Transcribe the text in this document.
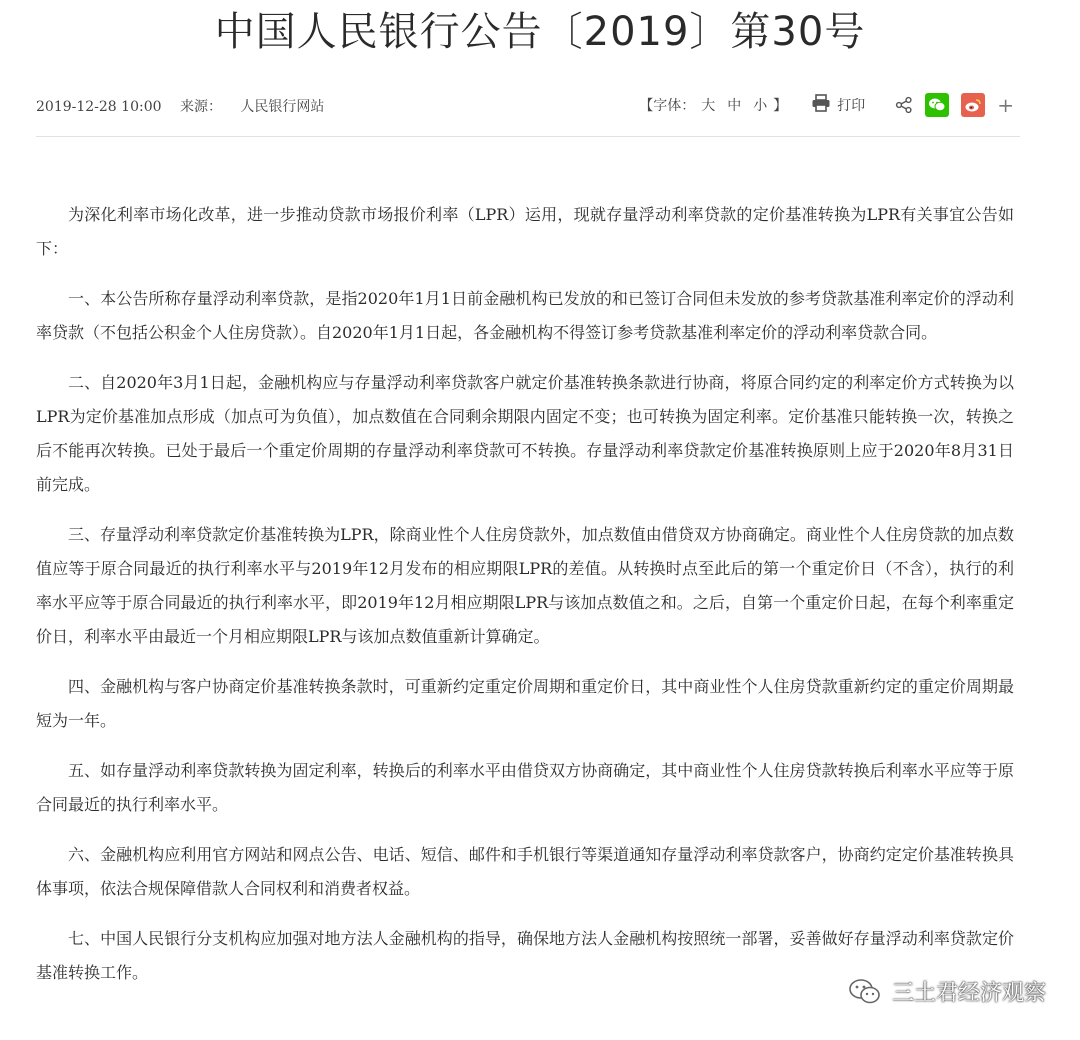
中国人民银行公告〔2019〕第30号
2019-12-28 10:00 来源： 人民银行网站	【字体： 大 中 小 】	打印	+

为深化利率市场化改革，进一步推动贷款市场报价利率（LPR）运用，现就存量浮动利率贷款的定价基准转换为LPR有关事宜公告如下：

一、本公告所称存量浮动利率贷款，是指2020年1月1日前金融机构已发放的和已签订合同但未发放的参考贷款基准利率定价的浮动利率贷款（不包括公积金个人住房贷款）。自2020年1月1日起，各金融机构不得签订参考贷款基准利率定价的浮动利率贷款合同。

二、自2020年3月1日起，金融机构应与存量浮动利率贷款客户就定价基准转换条款进行协商，将原合同约定的利率定价方式转换为以LPR为定价基准加点形成（加点可为负值），加点数值在合同剩余期限内固定不变；也可转换为固定利率。定价基准只能转换一次，转换之后不能再次转换。已处于最后一个重定价周期的存量浮动利率贷款可不转换。存量浮动利率贷款定价基准转换原则上应于2020年8月31日前完成。

三、存量浮动利率贷款定价基准转换为LPR，除商业性个人住房贷款外，加点数值由借贷双方协商确定。商业性个人住房贷款的加点数值应等于原合同最近的执行利率水平与2019年12月发布的相应期限LPR的差值。从转换时点至此后的第一个重定价日（不含），执行的利率水平应等于原合同最近的执行利率水平，即2019年12月相应期限LPR与该加点数值之和。之后，自第一个重定价日起，在每个利率重定价日，利率水平由最近一个月相应期限LPR与该加点数值重新计算确定。

四、金融机构与客户协商定价基准转换条款时，可重新约定重定价周期和重定价日，其中商业性个人住房贷款重新约定的重定价周期最短为一年。

五、如存量浮动利率贷款转换为固定利率，转换后的利率水平由借贷双方协商确定，其中商业性个人住房贷款转换后利率水平应等于原合同最近的执行利率水平。

六、金融机构应利用官方网站和网点公告、电话、短信、邮件和手机银行等渠道通知存量浮动利率贷款客户，协商约定定价基准转换具体事项，依法合规保障借款人合同权利和消费者权益。

七、中国人民银行分支机构应加强对地方法人金融机构的指导，确保地方法人金融机构按照统一部署，妥善做好存量浮动利率贷款定价基准转换工作。

三土君经济观察
